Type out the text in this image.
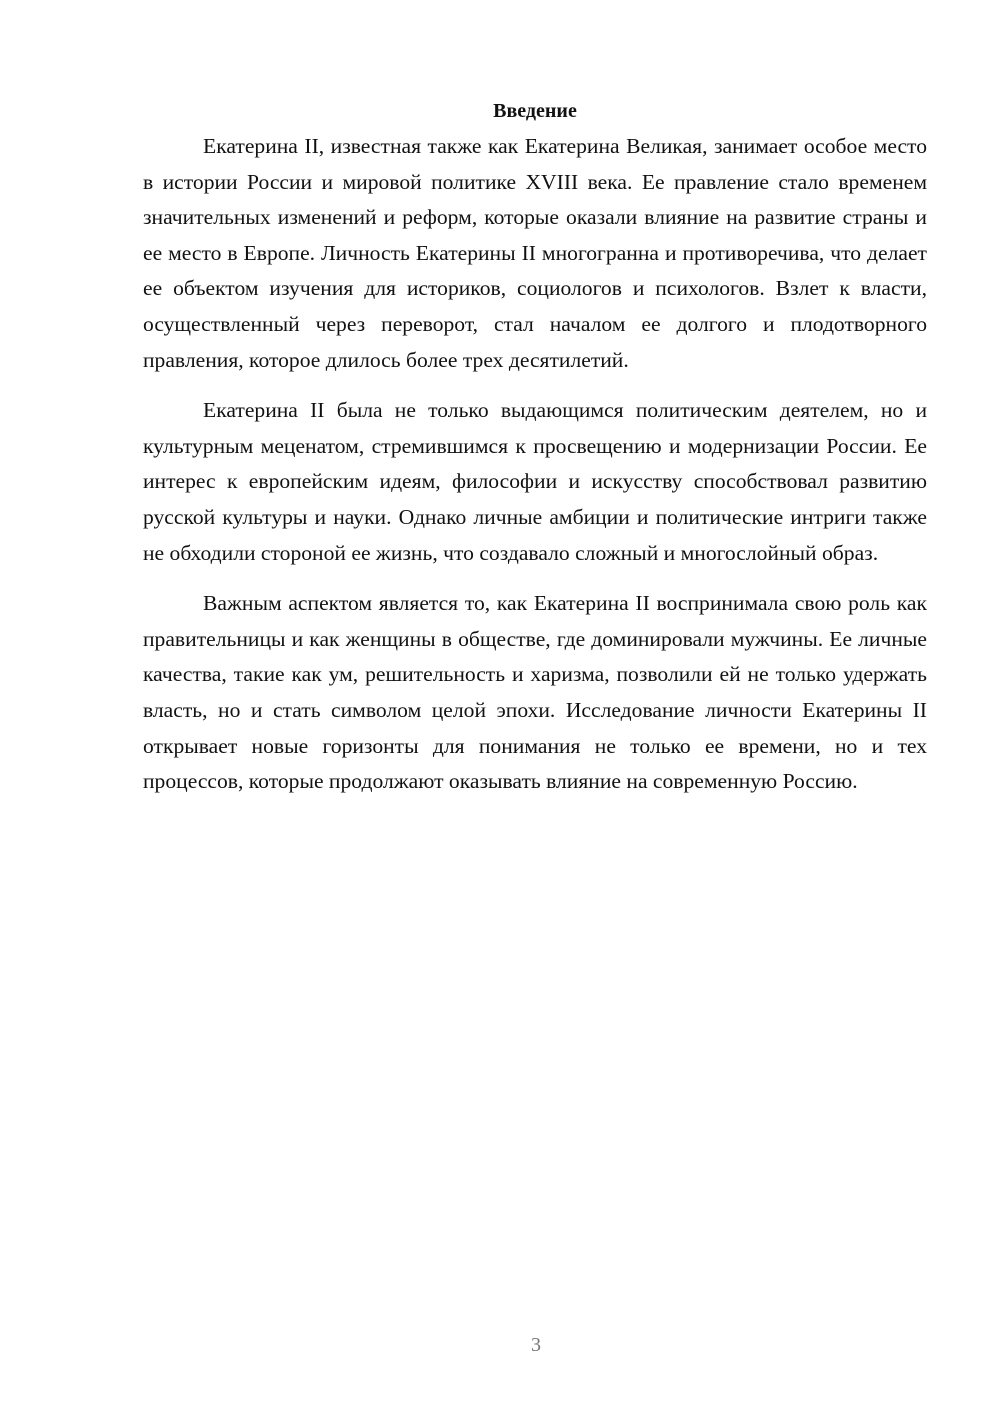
Введение

Екатерина II, известная также как Екатерина Великая, занимает особое место в истории России и мировой политике XVIII века. Ее правление стало временем значительных изменений и реформ, которые оказали влияние на развитие страны и ее место в Европе. Личность Екатерины II многогранна и противоречива, что делает ее объектом изучения для историков, социологов и психологов. Взлет к власти, осуществленный через переворот, стал началом ее долгого и плодотворного правления, которое длилось более трех десятилетий.

Екатерина II была не только выдающимся политическим деятелем, но и культурным меценатом, стремившимся к просвещению и модернизации России. Ее интерес к европейским идеям, философии и искусству способствовал развитию русской культуры и науки. Однако личные амбиции и политические интриги также не обходили стороной ее жизнь, что создавало сложный и многослойный образ.

Важным аспектом является то, как Екатерина II воспринимала свою роль как правительницы и как женщины в обществе, где доминировали мужчины. Ее личные качества, такие как ум, решительность и харизма, позволили ей не только удержать власть, но и стать символом целой эпохи. Исследование личности Екатерины II открывает новые горизонты для понимания не только ее времени, но и тех процессов, которые продолжают оказывать влияние на современную Россию.

3
